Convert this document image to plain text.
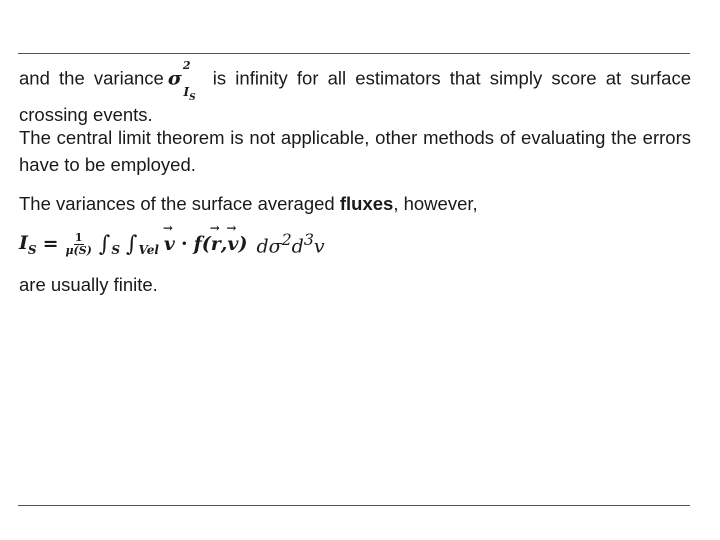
and the variance $\sigma^2_{I_S}$ is infinity for all estimators that simply score at surface crossing events.

The central limit theorem is not applicable, other methods of evaluating the errors have to be employed.

The variances of the surface averaged fluxes, however,

$I_S = \frac{1}{\mu(S)}$ ∫ S ∫ Vel → v · f( → r , → v ) $d\sigma^2$ $d^3v$

are usually finite.
